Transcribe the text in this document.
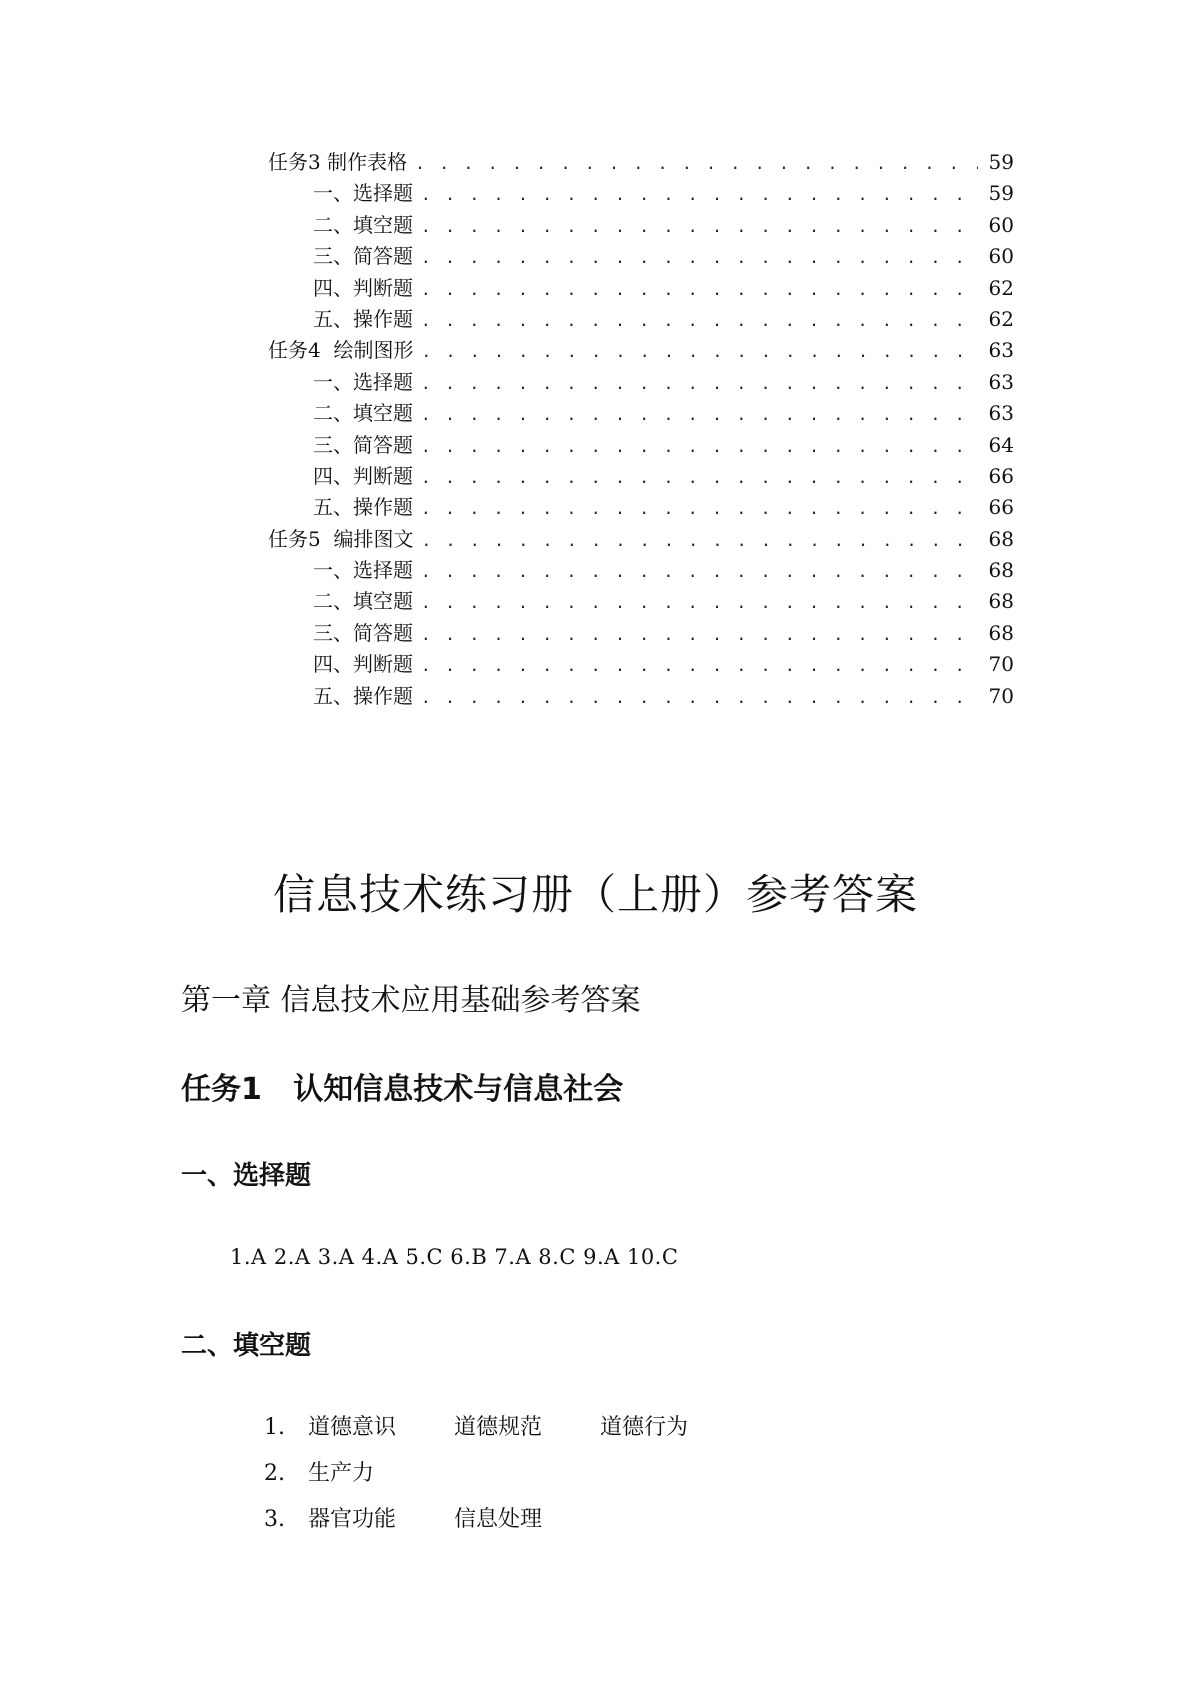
任务3 制作表格 . . .	59
一、选择题 . . .	59
二、填空题 . . .	60
三、简答题 . . .	60
四、判断题 . . .	62
五、操作题 . . .	62
任务4  绘制图形 . . .	63
一、选择题 . . .	63
二、填空题 . . .	63
三、简答题 . . .	64
四、判断题 . . .	66
五、操作题 . . .	66
任务5  编排图文 . . .	68
一、选择题 . . .	68
二、填空题 . . .	68
三、简答题 . . .	68
四、判断题 . . .	70
五、操作题 . . .	70
信息技术练习册（上册）参考答案
第一章 信息技术应用基础参考答案
任务1   认知信息技术与信息社会
一、选择题
1.A 2.A 3.A 4.A 5.C 6.B 7.A 8.C 9.A 10.C
二、填空题
1.	道德意识	道德规范	道德行为
2.	生产力
3.	器官功能	信息处理
